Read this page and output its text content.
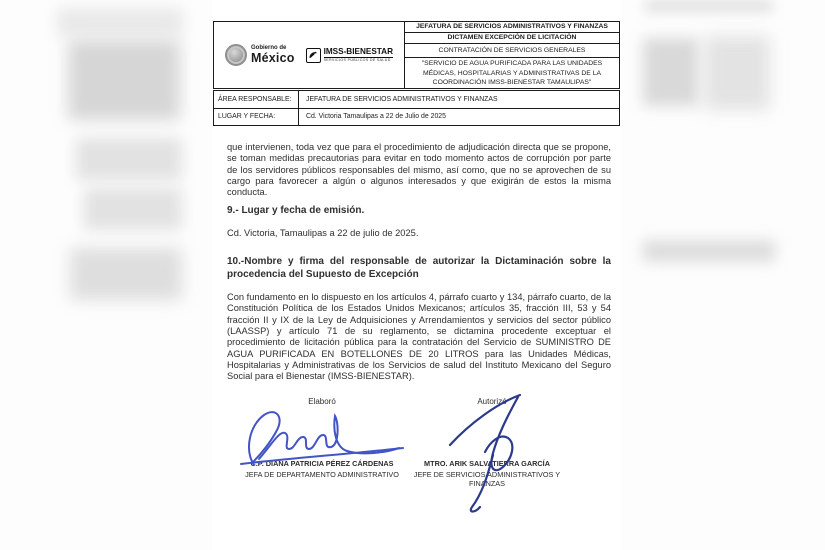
Gobierno de
México
IMSS-BIENESTAR
SERVICIOS PÚBLICOS DE SALUD
JEFATURA DE SERVICIOS ADMINISTRATIVOS Y FINANZAS
DICTAMEN EXCEPCIÓN DE LICITACIÓN
CONTRATACIÓN DE SERVICIOS GENERALES
"SERVICIO DE AGUA PURIFICADA PARA LAS UNIDADES MÉDICAS, HOSPITALARIAS Y ADMINISTRATIVAS DE LA COORDINACIÓN IMSS-BIENESTAR TAMAULIPAS"
ÁREA RESPONSABLE:	JEFATURA DE SERVICIOS ADMINISTRATIVOS Y FINANZAS
LUGAR Y FECHA:	Cd. Victoria Tamaulipas a 22 de Julio de 2025
que intervienen, toda vez que para el procedimiento de adjudicación directa que se propone, se toman medidas precautorias para evitar en todo momento actos de corrupción por parte de los servidores públicos responsables del mismo, así como, que no se aprovechen de su cargo para favorecer a algún o algunos interesados y que exigirán de estos la misma conducta.
9.- Lugar y fecha de emisión.
Cd. Victoria, Tamaulipas a 22 de julio de 2025.
10.-Nombre y firma del responsable de autorizar la Dictaminación sobre la procedencia del Supuesto de Excepción
Con fundamento en lo dispuesto en los artículos 4, párrafo cuarto y 134, párrafo cuarto, de la Constitución Política de los Estados Unidos Mexicanos; artículos 35, fracción III, 53 y 54 fracción II y IX de la Ley de Adquisiciones y Arrendamientos y servicios del sector público (LAASSP) y artículo 71 de su reglamento, se dictamina procedente exceptuar el procedimiento de licitación pública para la contratación del Servicio de SUMINISTRO DE AGUA PURIFICADA EN BOTELLONES DE 20 LITROS para las Unidades Médicas, Hospitalarias y Administrativas de los Servicios de salud del Instituto Mexicano del Seguro Social para el Bienestar (IMSS-BIENESTAR).
Elaboró	Autorizó
C.P. DIANA PATRICIA PÉREZ CÁRDENAS
JEFA DE DEPARTAMENTO ADMINISTRATIVO
MTRO. ARIK SALVATIERRA GARCÍA
JEFE DE SERVICIOS ADMINISTRATIVOS Y FINANZAS
